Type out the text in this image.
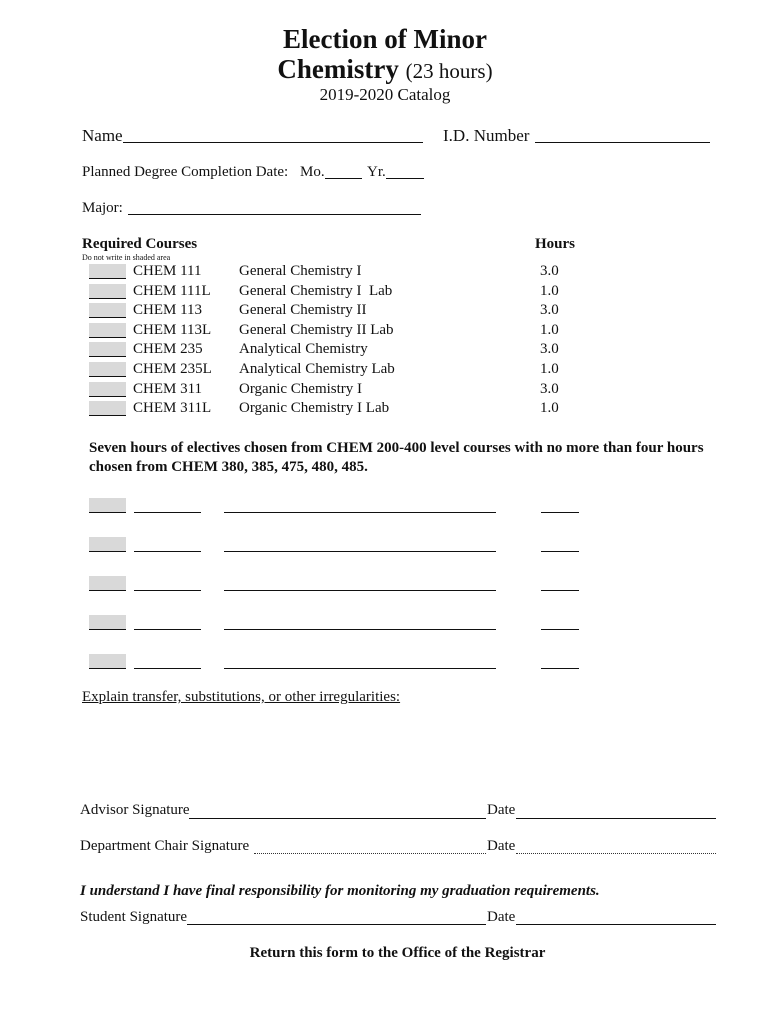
Election of Minor
Chemistry (23 hours)
2019-2020 Catalog
Name	I.D. Number
Planned Degree Completion Date: Mo.	Yr.
Major:
Required Courses	Hours
Do not write in shaded area
CHEM 111	General Chemistry I	3.0
CHEM 111L General Chemistry I  Lab	1.0
CHEM 113 General Chemistry II	3.0
CHEM 113L General Chemistry II Lab	1.0
CHEM 235 Analytical Chemistry	3.0
CHEM 235L Analytical Chemistry Lab	1.0
CHEM 311 Organic Chemistry I	3.0
CHEM 311L Organic Chemistry I Lab	1.0
Seven hours of electives chosen from CHEM 200-400 level courses with no more than four hours
chosen from CHEM 380, 385, 475, 480, 485.
Explain transfer, substitutions, or other irregularities:
Advisor Signature	Date
Department Chair Signature	Date
I understand I have final responsibility for monitoring my graduation requirements.
Student Signature	Date
Return this form to the Office of the Registrar
